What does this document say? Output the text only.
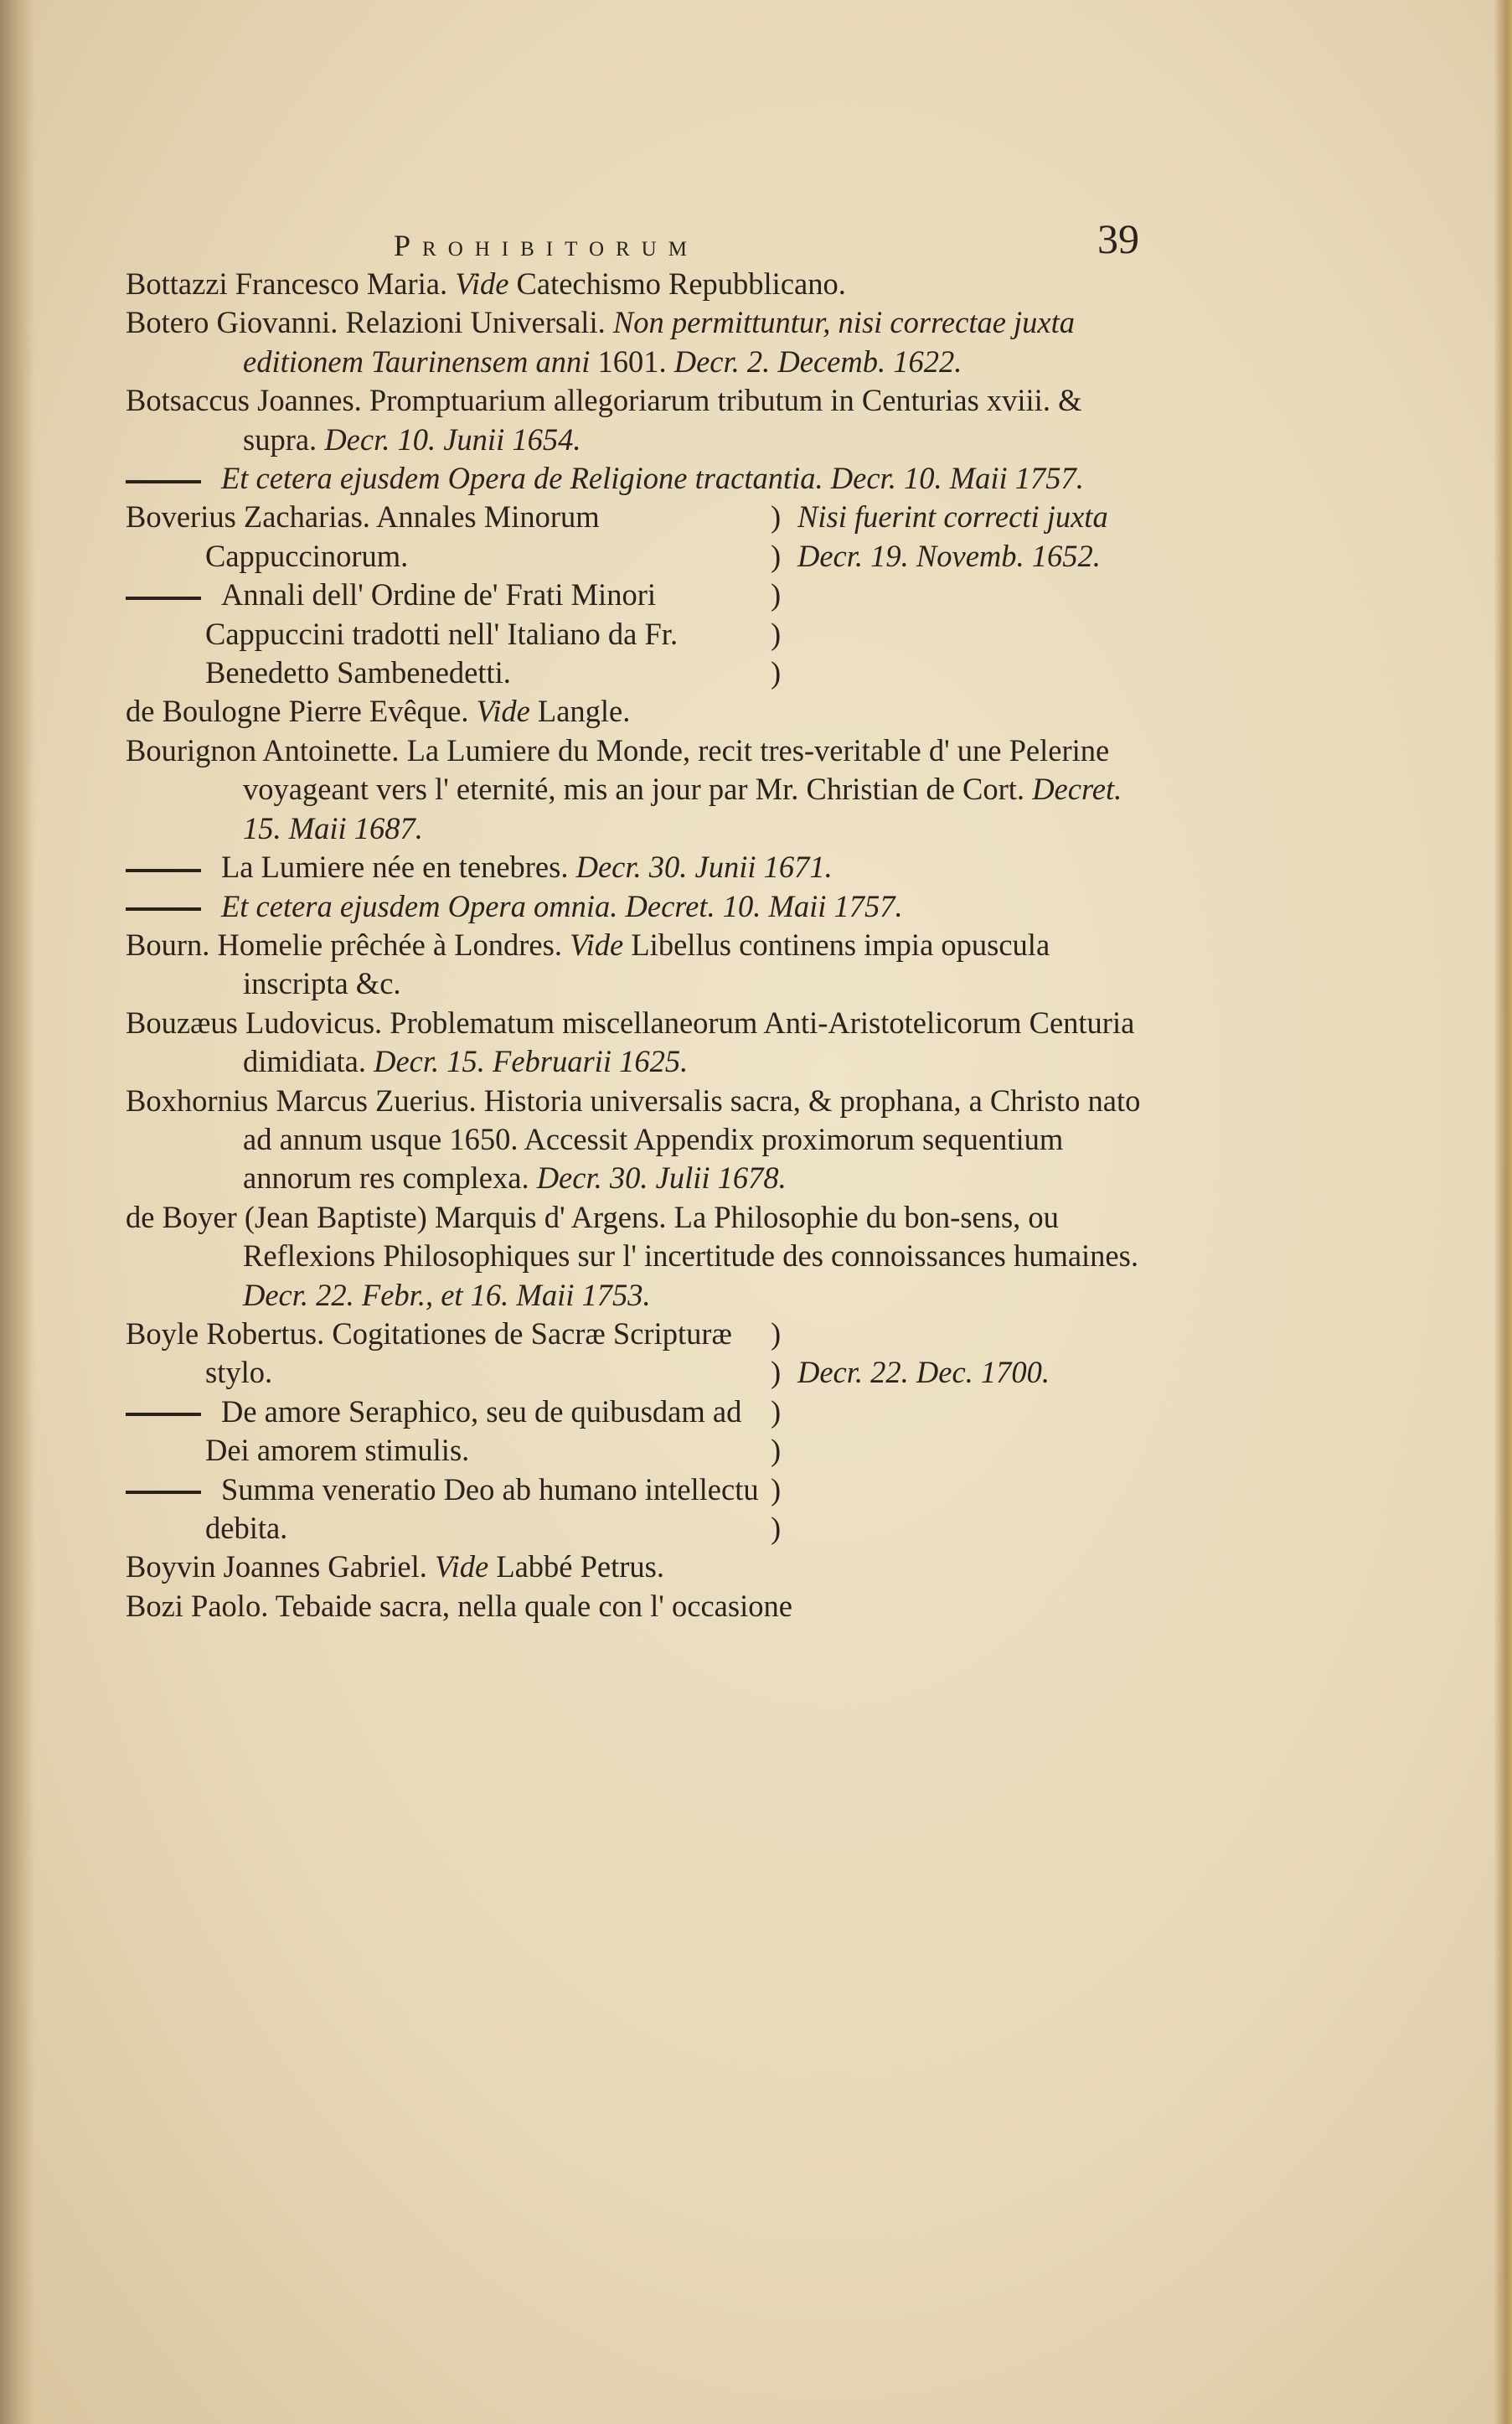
Prohibitorum	39

Bottazzi Francesco Maria. Vide Catechismo Repubblicano.

Botero Giovanni. Relazioni Universali. Non permittuntur, nisi correctae juxta editionem Taurinensem anni 1601. Decr. 2. Decemb. 1622.

Botsaccus Joannes. Promptuarium allegoriarum tributum in Centurias xviii. & supra. Decr. 10. Junii 1654.

Et cetera ejusdem Opera de Religione tractantia. Decr. 10. Maii 1757.

Boverius Zacharias. Annales Minorum Cappuccinorum.

Annali dell' Ordine de' Frati Minori Cappuccini tradotti nell' Italiano da Fr. Benedetto Sambenedetti.

)
)
)
)
)
Nisi fuerint correcti juxta Decr. 19. Novemb. 1652.

de Boulogne Pierre Evêque. Vide Langle.

Bourignon Antoinette. La Lumiere du Monde, recit tres-veritable d' une Pelerine voyageant vers l' eternité, mis an jour par Mr. Christian de Cort. Decret. 15. Maii 1687.

La Lumiere née en tenebres. Decr. 30. Junii 1671.

Et cetera ejusdem Opera omnia. Decret. 10. Maii 1757.

Bourn. Homelie prêchée à Londres. Vide Libellus continens impia opuscula inscripta &c.

Bouzæus Ludovicus. Problematum miscellaneorum Anti-Aristotelicorum Centuria dimidiata. Decr. 15. Februarii 1625.

Boxhornius Marcus Zuerius. Historia universalis sacra, & prophana, a Christo nato ad annum usque 1650. Accessit Appendix proximorum sequentium annorum res complexa. Decr. 30. Julii 1678.

de Boyer (Jean Baptiste) Marquis d' Argens. La Philosophie du bon-sens, ou Reflexions Philosophiques sur l' incertitude des connoissances humaines. Decr. 22. Febr., et 16. Maii 1753.

Boyle Robertus. Cogitationes de Sacræ Scripturæ stylo.

De amore Seraphico, seu de quibusdam ad Dei amorem stimulis.

Summa veneratio Deo ab humano intellectu debita.

)
)
)
)
)
)
Decr. 22. Dec. 1700.

Boyvin Joannes Gabriel. Vide Labbé Petrus.

Bozi Paolo. Tebaide sacra, nella quale con l' occasione
